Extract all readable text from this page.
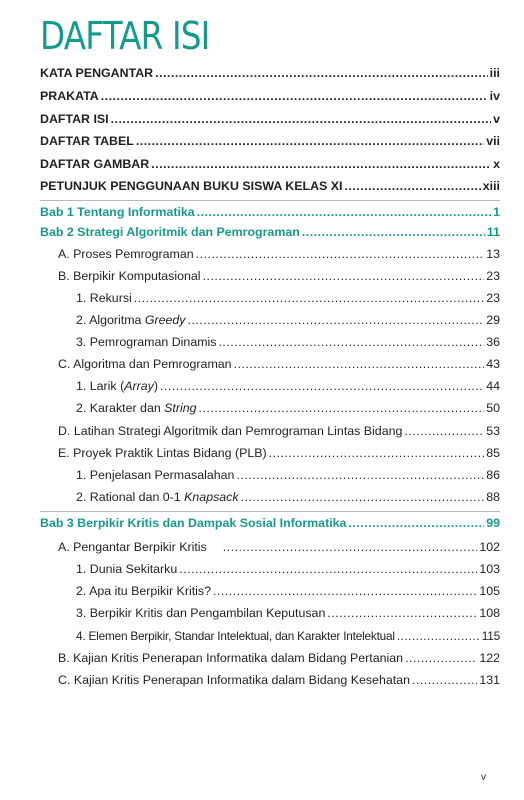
DAFTAR ISI
KATA PENGANTAR .....	iii
PRAKATA .....	iv
DAFTAR ISI .....	v
DAFTAR TABEL .....	vii
DAFTAR GAMBAR .....	x
PETUNJUK PENGGUNAAN BUKU SISWA KELAS XI .....	xiii
Bab 1 Tentang Informatika .....	1
Bab 2 Strategi Algoritmik dan Pemrograman .....	11
A. Proses Pemrograman .....	13
B. Berpikir Komputasional .....	23
1. Rekursi .....	23
2. Algoritma Greedy .....	29
3. Pemrograman Dinamis .....	36
C. Algoritma dan Pemrograman .....	43
1. Larik (Array) .....	44
2. Karakter dan String .....	50
D. Latihan Strategi Algoritmik dan Pemrograman Lintas Bidang .....	53
E. Proyek Praktik Lintas Bidang (PLB) .....	85
1. Penjelasan Permasalahan .....	86
2. Rational dan 0-1 Knapsack .....	88
Bab 3 Berpikir Kritis dan Dampak Sosial Informatika .....	99
A. Pengantar Berpikir Kritis .....	102
1. Dunia Sekitarku .....	103
2. Apa itu Berpikir Kritis? .....	105
3. Berpikir Kritis dan Pengambilan Keputusan .....	108
4. Elemen Berpikir, Standar Intelektual, dan Karakter Intelektual .....	115
B. Kajian Kritis Penerapan Informatika dalam Bidang Pertanian .....	122
C. Kajian Kritis Penerapan Informatika dalam Bidang Kesehatan .....	131
v
